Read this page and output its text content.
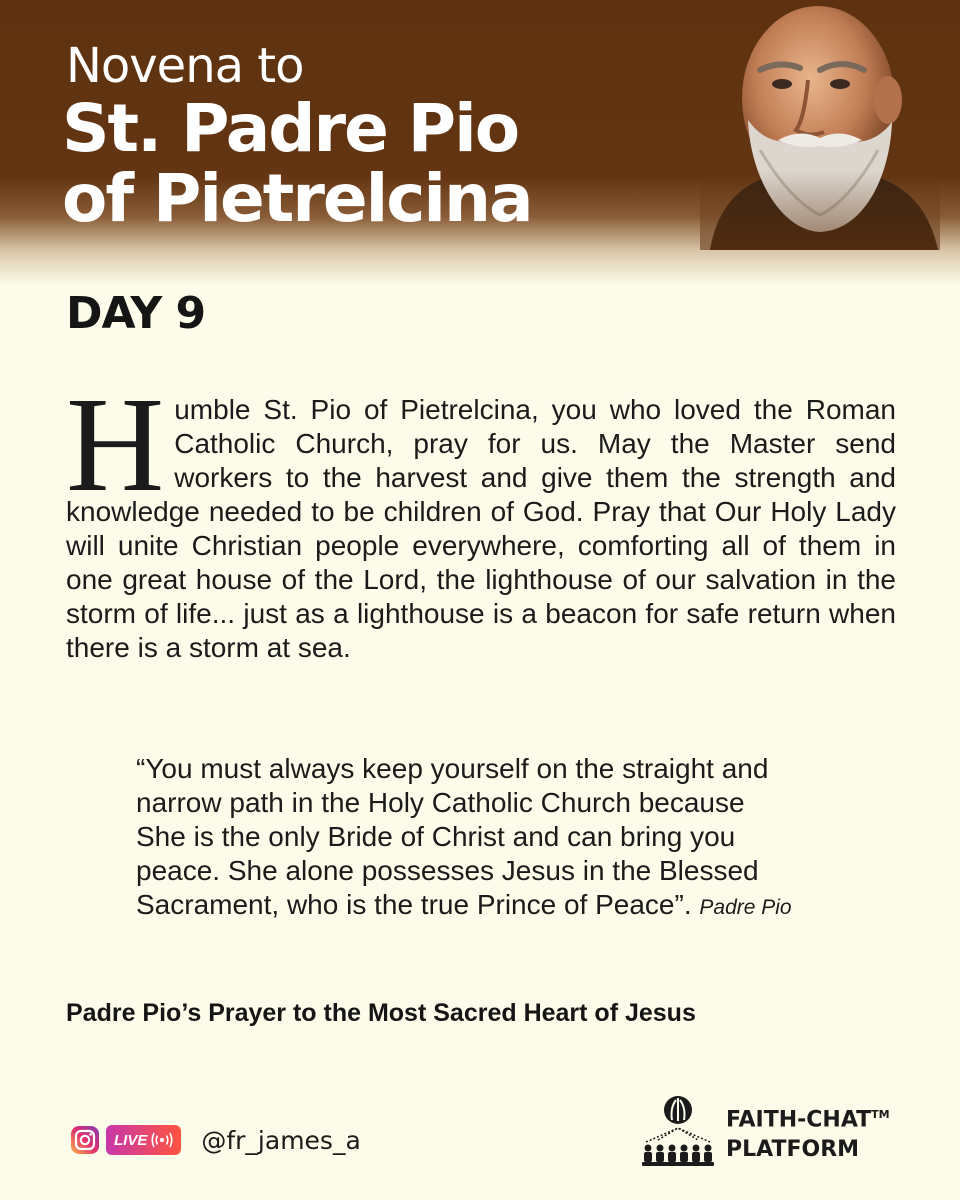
Novena to
St. Padre Pio
of Pietrelcina
DAY 9

Humble St. Pio of Pietrelcina, you who loved the Roman Catholic Church, pray for us. May the Master send workers to the harvest and give them the strength and knowledge needed to be children of God. Pray that Our Holy Lady will unite Christian people everywhere, comforting all of them in one great house of the Lord, the lighthouse of our salvation in the storm of life... just as a lighthouse is a beacon for safe return when there is a storm at sea.

“You must always keep yourself on the straight and narrow path in the Holy Catholic Church because She is the only Bride of Christ and can bring you peace. She alone possesses Jesus in the Blessed Sacrament, who is the true Prince of Peace”. Padre Pio

Padre Pio’s Prayer to the Most Sacred Heart of Jesus
LIVE @fr_james_a
FAITH-CHAT™
PLATFORM
